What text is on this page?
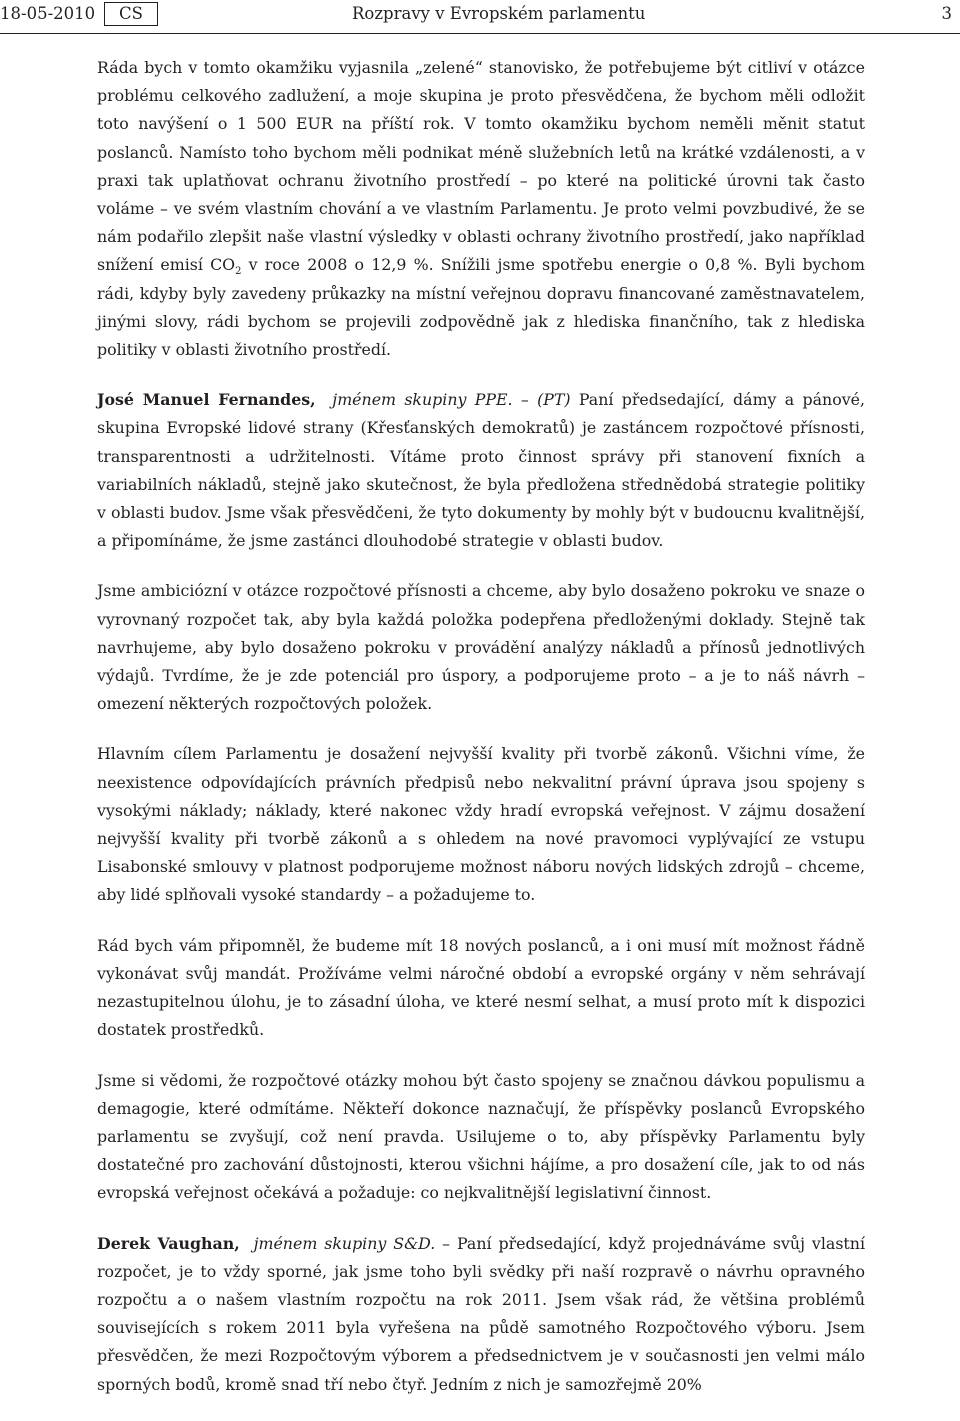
18-05-2010	CS	Rozpravy v Evropském parlamentu	3

Ráda bych v tomto okamžiku vyjasnila „zelené“ stanovisko, že potřebujeme být citliví v otázce problému celkového zadlužení, a moje skupina je proto přesvědčena, že bychom měli odložit toto navýšení o 1 500 EUR na příští rok. V tomto okamžiku bychom neměli měnit statut poslanců. Namísto toho bychom měli podnikat méně služebních letů na krátké vzdálenosti, a v praxi tak uplatňovat ochranu životního prostředí – po které na politické úrovni tak často voláme – ve svém vlastním chování a ve vlastním Parlamentu. Je proto velmi povzbudivé, že se nám podařilo zlepšit naše vlastní výsledky v oblasti ochrany životního prostředí, jako například snížení emisí $CO_2$ v roce 2008 o 12,9 %. Snížili jsme spotřebu energie o 0,8 %. Byli bychom rádi, kdyby byly zavedeny průkazky na místní veřejnou dopravu financované zaměstnavatelem, jinými slovy, rádi bychom se projevili zodpovědně jak z hlediska finančního, tak z hlediska politiky v oblasti životního prostředí.

José Manuel Fernandes, jménem skupiny PPE. – (PT) Paní předsedající, dámy a pánové, skupina Evropské lidové strany (Křesťanských demokratů) je zastáncem rozpočtové přísnosti, transparentnosti a udržitelnosti. Vítáme proto činnost správy při stanovení fixních a variabilních nákladů, stejně jako skutečnost, že byla předložena střednědobá strategie politiky v oblasti budov. Jsme však přesvědčeni, že tyto dokumenty by mohly být v budoucnu kvalitnější, a připomínáme, že jsme zastánci dlouhodobé strategie v oblasti budov.

Jsme ambiciózní v otázce rozpočtové přísnosti a chceme, aby bylo dosaženo pokroku ve snaze o vyrovnaný rozpočet tak, aby byla každá položka podepřena předloženými doklady. Stejně tak navrhujeme, aby bylo dosaženo pokroku v provádění analýzy nákladů a přínosů jednotlivých výdajů. Tvrdíme, že je zde potenciál pro úspory, a podporujeme proto – a je to náš návrh – omezení některých rozpočtových položek.

Hlavním cílem Parlamentu je dosažení nejvyšší kvality při tvorbě zákonů. Všichni víme, že neexistence odpovídajících právních předpisů nebo nekvalitní právní úprava jsou spojeny s vysokými náklady; náklady, které nakonec vždy hradí evropská veřejnost. V zájmu dosažení nejvyšší kvality při tvorbě zákonů a s ohledem na nové pravomoci vyplývající ze vstupu Lisabonské smlouvy v platnost podporujeme možnost náboru nových lidských zdrojů – chceme, aby lidé splňovali vysoké standardy – a požadujeme to.

Rád bych vám připomněl, že budeme mít 18 nových poslanců, a i oni musí mít možnost řádně vykonávat svůj mandát. Prožíváme velmi náročné období a evropské orgány v něm sehrávají nezastupitelnou úlohu, je to zásadní úloha, ve které nesmí selhat, a musí proto mít k dispozici dostatek prostředků.

Jsme si vědomi, že rozpočtové otázky mohou být často spojeny se značnou dávkou populismu a demagogie, které odmítáme. Někteří dokonce naznačují, že příspěvky poslanců Evropského parlamentu se zvyšují, což není pravda. Usilujeme o to, aby příspěvky Parlamentu byly dostatečné pro zachování důstojnosti, kterou všichni hájíme, a pro dosažení cíle, jak to od nás evropská veřejnost očekává a požaduje: co nejkvalitnější legislativní činnost.

Derek Vaughan, jménem skupiny S&D. – Paní předsedající, když projednáváme svůj vlastní rozpočet, je to vždy sporné, jak jsme toho byli svědky při naší rozpravě o návrhu opravného rozpočtu a o našem vlastním rozpočtu na rok 2011. Jsem však rád, že většina problémů souvisejících s rokem 2011 byla vyřešena na půdě samotného Rozpočtového výboru. Jsem přesvědčen, že mezi Rozpočtovým výborem a předsednictvem je v současnosti jen velmi málo sporných bodů, kromě snad tří nebo čtyř. Jedním z nich je samozřejmě 20%
